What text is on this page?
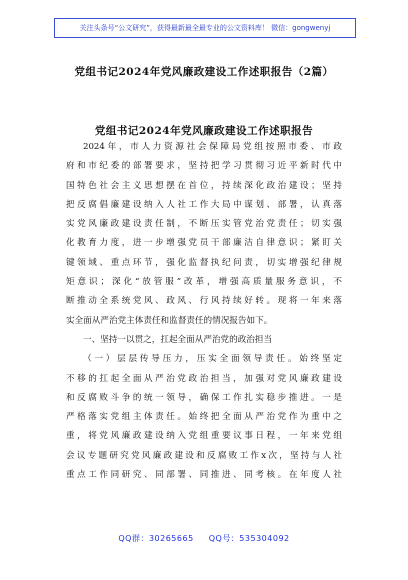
关注头条号“公文研究”，获得最新最全最专业的公文资料库！ 微信：gongwenyj
党组书记2024年党风廉政建设工作述职报告（2篇）
党组书记2024年党风廉政建设工作述职报告
2024年，市人力资源社会保障局党组按照市委、市政
府和市纪委的部署要求，坚持把学习贯彻习近平新时代中
国特色社会主义思想摆在首位，持续深化政治建设；坚持
把反腐倡廉建设纳入人社工作大局中谋划、部署，认真落
实党风廉政建设责任制，不断压实管党治党责任；切实强
化教育力度，进一步增强党员干部廉洁自律意识；紧盯关
键领域、重点环节，强化监督执纪问责，切实增强纪律规
矩意识；深化“放管服”改革，增强高质量服务意识，不
断推动全系统党风、政风、行风持续好转。现将一年来落
实全面从严治党主体责任和监督责任的情况报告如下。
一、坚持一以贯之，扛起全面从严治党的政治担当
（一）层层传导压力，压实全面领导责任。始终坚定
不移的扛起全面从严治党政治担当，加强对党风廉政建设
和反腐败斗争的统一领导，确保工作扎实稳步推进。一是
严格落实党组主体责任。始终把全面从严治党作为重中之
重，将党风廉政建设纳入党组重要议事日程，一年来党组
会议专题研究党风廉政建设和反腐败工作x次，坚持与人社
重点工作同研究、同部署、同推进、同考核。在年度人社
QQ群：30265665 QQ号：535304092
